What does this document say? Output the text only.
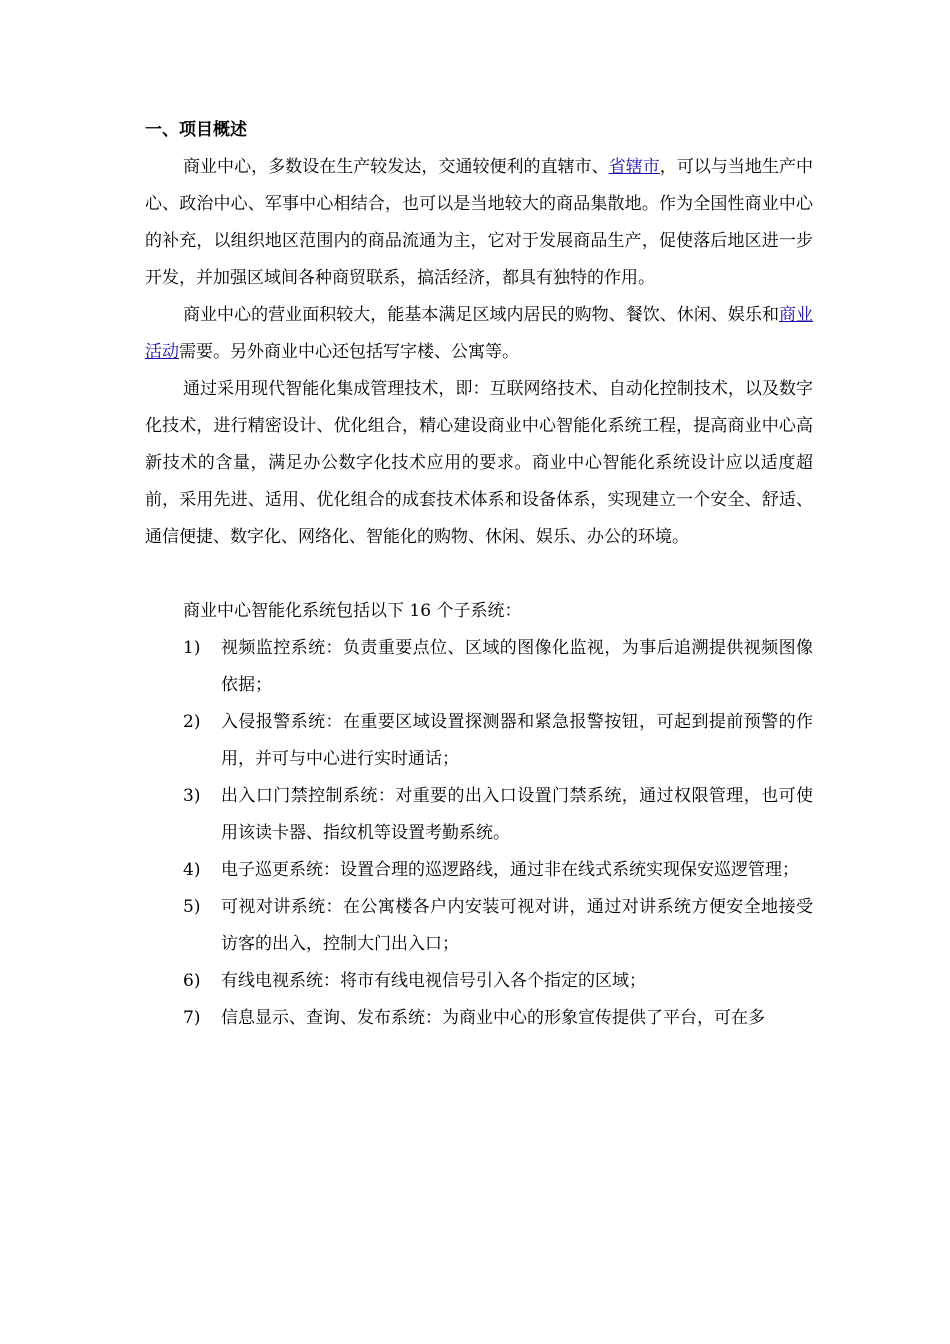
一、项目概述

商业中心，多数设在生产较发达，交通较便利的直辖市、省辖市，可以与当地生产中心、政治中心、军事中心相结合，也可以是当地较大的商品集散地。作为全国性商业中心的补充，以组织地区范围内的商品流通为主，它对于发展商品生产，促使落后地区进一步开发，并加强区域间各种商贸联系，搞活经济，都具有独特的作用。

商业中心的营业面积较大，能基本满足区域内居民的购物、餐饮、休闲、娱乐和商业活动需要。另外商业中心还包括写字楼、公寓等。

通过采用现代智能化集成管理技术，即：互联网络技术、自动化控制技术，以及数字化技术，进行精密设计、优化组合，精心建设商业中心智能化系统工程，提高商业中心高新技术的含量，满足办公数字化技术应用的要求。商业中心智能化系统设计应以适度超前，采用先进、适用、优化组合的成套技术体系和设备体系，实现建立一个安全、舒适、通信便捷、数字化、网络化、智能化的购物、休闲、娱乐、办公的环境。

商业中心智能化系统包括以下 16 个子系统：

1)	视频监控系统：负责重要点位、区域的图像化监视，为事后追溯提供视频图像依据；
2)	入侵报警系统：在重要区域设置探测器和紧急报警按钮，可起到提前预警的作用，并可与中心进行实时通话；
3)	出入口门禁控制系统：对重要的出入口设置门禁系统，通过权限管理，也可使用该读卡器、指纹机等设置考勤系统。
4)	电子巡更系统：设置合理的巡逻路线，通过非在线式系统实现保安巡逻管理；
5)	可视对讲系统：在公寓楼各户内安装可视对讲，通过对讲系统方便安全地接受访客的出入，控制大门出入口；
6)	有线电视系统：将市有线电视信号引入各个指定的区域；
7)	信息显示、查询、发布系统：为商业中心的形象宣传提供了平台，可在多
